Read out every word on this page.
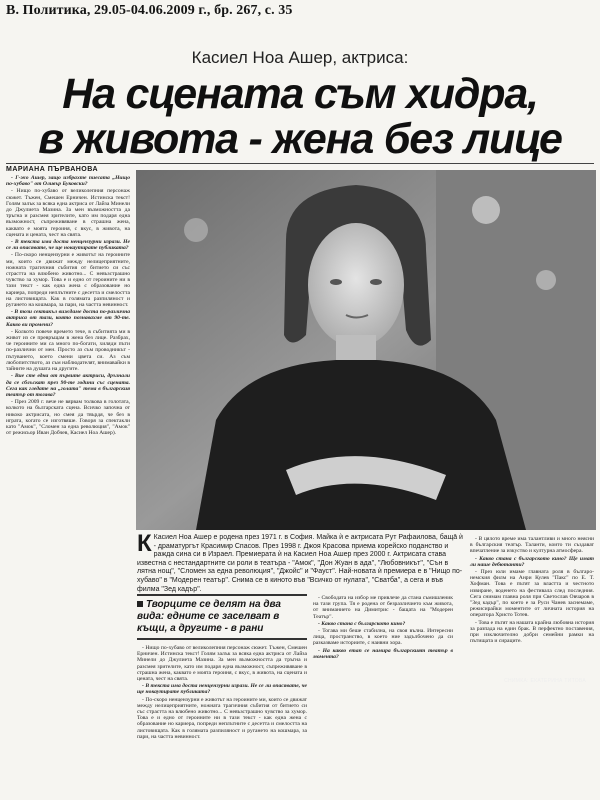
В. Политика, 29.05-04.06.2009 г., бр. 267, с. 35
Касиел Ноа Ашер, актриса:
На сцената съм хидра,
в живота - жена без лице
МАРИАНА ПЪРВАНОВА

- Г-жо Ашер, защо избрахте пиесата „Нищо по-хубаво" от Оливър Буковски?

- Нищо по-хубаво от великолепния персонаж сюжет. Тъжен, Смешен Ерничен. Истинска текст! Голям залък за всяка една актриса от Лайза Минели до Джулиета Мазина. За мен възможността да тръгна и разсмея зрителите, като им подаря една възможност, съпреживяване в страшна жена, каквато е моята героиня, с вкус, в живота, на сцената и цената, чест на свята.

- В текста има доста ненцензурни изрази. Не се ли опасявате, че ще нокаутирате публиката?

- По-скоро ненцензурни е животът на героините ми, които се движат между нелицеприятните, ножната трагичния събития от битието си със страстта на влюбено животно... С невъзстрашно чувство за хумор. Това е и едно от героините ни в тази текст - как една жена с образование но кариера, попреди неплътните с десетта и смелостта на листовищата. Как в голямата разпиляност и ругането на кошмара, за пари, на частта невинност.

- В този сектакъл виждаме доста по-различна актриса от тази, която познавахме от 90-те. Какво ви промени?

- Колкото повече времето тече, в събитията ми в живот из се превръщам в жена без лице. Разбрах, че героините ми са много по-богати, хиляди пъти по-различни от мен. Просто аз съм проводникът - пътуването, което смени цвета си. Аз съм любопитството, аз съм наблюдателят, внимавайки в тайните на душата на другите.

- Вие сте една от първите актриси, дръзнали да се сблъскат през 90-те години със сцената. Сега как гледате на „голата" тема в българския театър от тогава?

- През 2009 г. вече не вярвам толкова в голотата, колкото на българската сцена. Всичко започна от никоко актрисата, но смея да твърдя, че без в играта, когато се изготвяше. Говоря за спектакли като "Амок", "Сломен за една революция", "Амок" от режисьор Иван Добчев, Касиел Ноа Ашер).

СНИМКА: ЕКАТЕРИНА ТИТОВА
К Касиел Ноа Ашер е родена през 1971 г. в София. Майка ѝ е актрисата Рут Рафаилова, бащā ѝ - драматургът Красимир Спасов. През 1998 г. Джоя Красова приема корейско поданство и ражда сина си в Израел. Премиерата ѝ на Касиел Ноа Ашер през 2000 г. Актрисата става известна с нестандартните си роли в театъра - "Амок", "Дон Жуан в ада", "Любовникът", "Сън в лятна нощ", "Сломен за една революция", "Джойс" и "Фауст". Най-новата ѝ премиера е в "Нищо по-хубаво" в "Модерен театър". Снима се в киното във "Всичко от нулата", "Сватба", а сега и във филма "Зед кадър".
Творците се делят на два вида: едните се заселват в къщи, а другите - в рани

- Нищо по-хубаво от великолепния персонаж сюжет. Тъжен, Смешен Ерничен. Истинска текст! Голям залък за всяка една актриса от Лайза Минели до Джулиета Мазина. За мен възможността да тръгна и разсмея зрителите, като им подаря една възможност, съпреживяване в страшна жена, каквато е моята героиня, с вкус, в живота, на сцената и цената, чест на свята.

- В текста има доста ненцензурни изрази. Не се ли опасявате, че ще нокаутирате публиката?

- По-скоро ненцензурни е животът на героините ми, които се движат между нелицеприятните, ножната трагичния събития от битието си със страстта на влюбено животно... С невъзстрашно чувство за хумор. Това е и едно от героините ни в тази текст - как една жена с образование но кариера, попреди неплътните с десетта и смелостта на листовищата. Как в голямата разпиляност и ругането на кошмара, за пари, на частта невинност.

- Свободата на избор ме привлече да стана съмишленик на тази група. Тя е родена от безразличието към живота, от вниманието на Димитрис - бащата на "Модерен Театър".

- Какво стана с българското кино?

- Тогава ми беше стабилна, на своя вълна. Интересни лица, пространство, в което ние задълбочено да си разказваме историите, с наивни хора.

- На какво етап се намира българският театър в момента?

- В цялото време има талантливи и много неясни в българския театър. Таланти, които ти създават впечатление за изкуство и културна атмосфера.

- Какво стана с българското кино? Ще имат ли наше дебютанти?

- През юли имаме главната роля в българо-немския филм на Анри Кулев "Пакс" по Е. Т. Хофман. Това е пътят за властта и честното извиране, воденето на фестивала след последния. Сега снимам главна роля при Светослав Овчаров в "Зед кадър", по което е за Руси Чанев заснемаме, режисирайки моментите от личната история на оператора Христо Тотев.

- Това е пътят на нашата крайна любовна история за разпада на един брак. В перфектно поставения, при изключително добри семейни рамки на пътищата и сираците.
